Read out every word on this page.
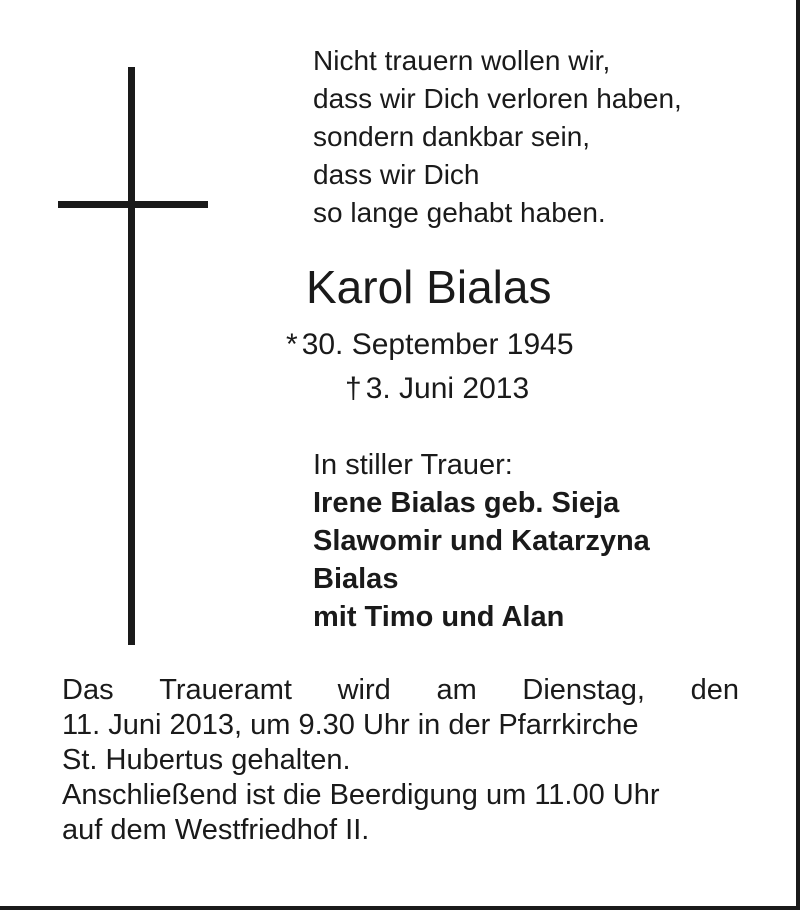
Nicht trauern wollen wir,
dass wir Dich verloren haben,
sondern dankbar sein,
dass wir Dich
so lange gehabt haben.
Karol Bialas
* 30. September 1945
† 3. Juni 2013
In stiller Trauer:
Irene Bialas geb. Sieja
Slawomir und Katarzyna
Bialas
mit Timo und Alan
Das Traueramt wird am Dienstag, den
11. Juni 2013, um 9.30 Uhr in der Pfarrkirche
St. Hubertus gehalten.
Anschließend ist die Beerdigung um 11.00 Uhr
auf dem Westfriedhof II.
